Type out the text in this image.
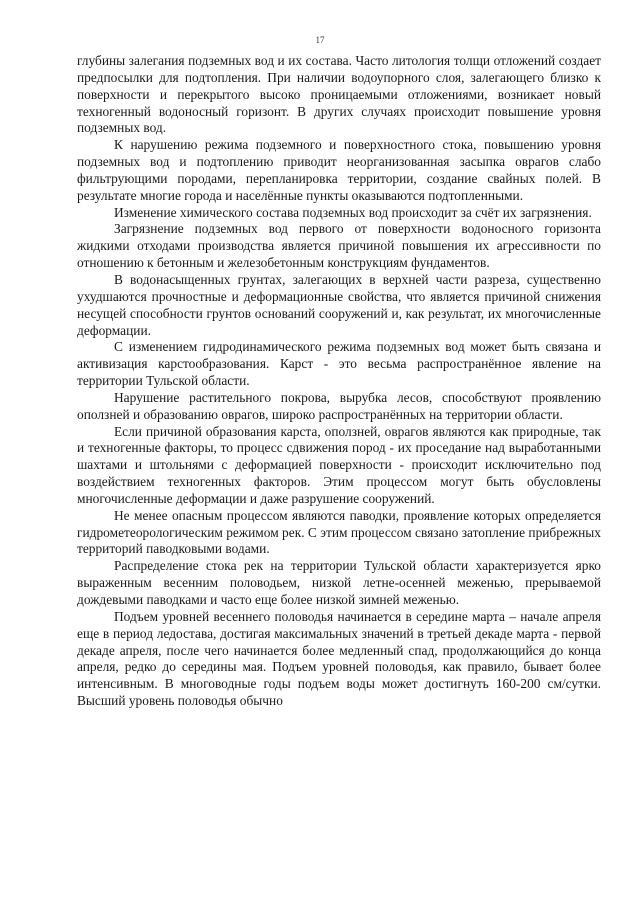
17

глубины залегания подземных вод и их состава. Часто литология толщи отложений создает предпосылки для подтопления. При наличии водоупорного слоя, залегающего близко к поверхности и перекрытого высоко проницаемыми отложениями, возникает новый техногенный водоносный горизонт. В других случаях происходит повышение уровня подземных вод.

К нарушению режима подземного и поверхностного стока, повышению уровня подземных вод и подтоплению приводит неорганизованная засыпка оврагов слабо фильтрующими породами, перепланировка территории, создание свайных полей. В результате многие города и населённые пункты оказываются подтопленными.

Изменение химического состава подземных вод происходит за счёт их загрязнения.

Загрязнение подземных вод первого от поверхности водоносного горизонта жидкими отходами производства является причиной повышения их агрессивности по отношению к бетонным и железобетонным конструкциям фундаментов.

В водонасыщенных грунтах, залегающих в верхней части разреза, существенно ухудшаются прочностные и деформационные свойства, что является причиной снижения несущей способности грунтов оснований сооружений и, как результат, их многочисленные деформации.

С изменением гидродинамического режима подземных вод может быть связана и активизация карстообразования. Карст - это весьма распространённое явление на территории Тульской области.

Нарушение растительного покрова, вырубка лесов, способствуют проявлению оползней и образованию оврагов, широко распространённых на территории области.

Если причиной образования карста, оползней, оврагов являются как природные, так и техногенные факторы, то процесс сдвижения пород - их проседание над выработанными шахтами и штольнями с деформацией поверхности - происходит исключительно под воздействием техногенных факторов. Этим процессом могут быть обусловлены многочисленные деформации и даже разрушение сооружений.

Не менее опасным процессом являются паводки, проявление которых определяется гидрометеорологическим режимом рек. С этим процессом связано затопление прибрежных территорий паводковыми водами.

Распределение стока рек на территории Тульской области характеризуется ярко выраженным весенним половодьем, низкой летне-осенней меженью, прерываемой дождевыми паводками и часто еще более низкой зимней меженью.

Подъем уровней весеннего половодья начинается в середине марта – начале апреля еще в период ледостава, достигая максимальных значений в третьей декаде марта - первой декаде апреля, после чего начинается более медленный спад, продолжающийся до конца апреля, редко до середины мая. Подъем уровней половодья, как правило, бывает более интенсивным. В многоводные годы подъем воды может достигнуть 160-200 см/сутки. Высший уровень половодья обычно
